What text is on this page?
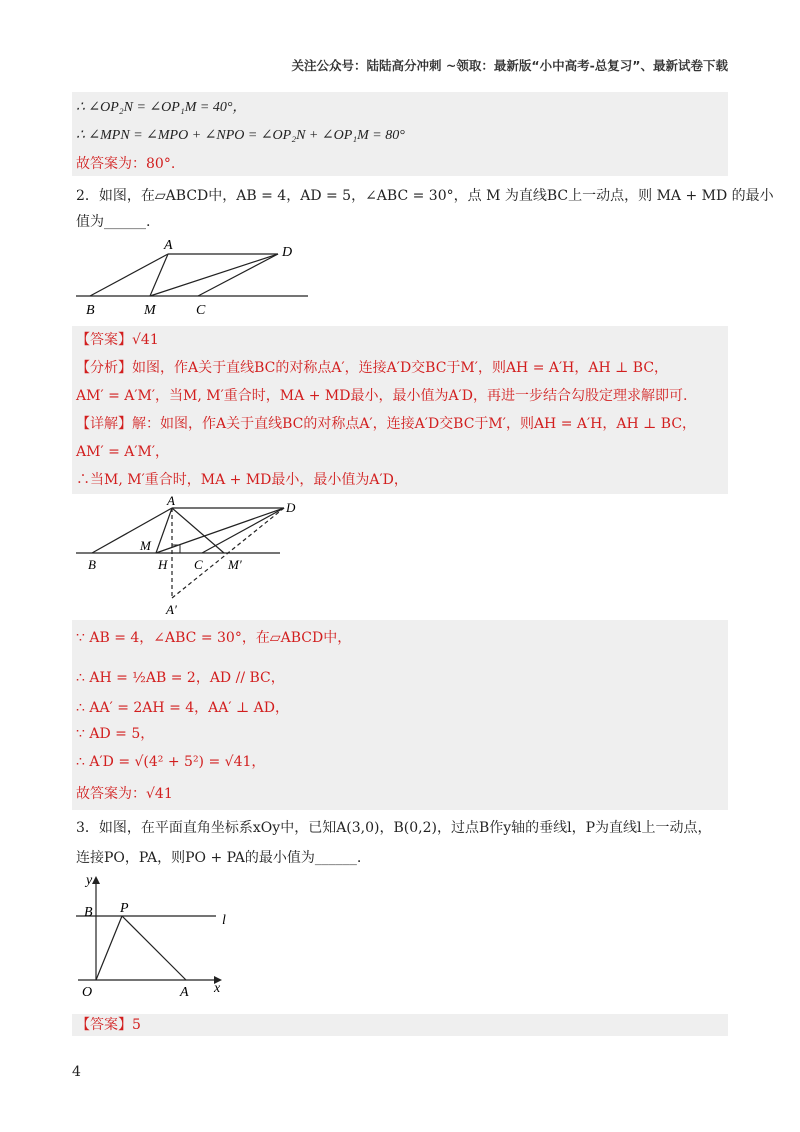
关注公众号：陆陆高分冲刺 ~领取：最新版“小中高考-总复习”、最新试卷下载
∴ ∠OP₂N = ∠OP₁M = 40°，
∴ ∠MPN = ∠MPO + ∠NPO = ∠OP₂N + ∠OP₁M = 80°
故答案为：80°.
2．如图，在▱ABCD中，AB = 4，AD = 5，∠ABC = 30°，点 M 为直线BC上一动点，则 MA + MD 的最小
值为______.
A	D
B	M	C
【答案】√41
【分析】如图，作A关于直线BC的对称点A′，连接A′D交BC于M′，则AH = A′H，AH ⊥ BC，
AM′ = A′M′，当M, M′重合时，MA + MD最小，最小值为A′D，再进一步结合勾股定理求解即可.
【详解】解：如图，作A关于直线BC的对称点A′，连接A′D交BC于M′，则AH = A′H，AH ⊥ BC，
AM′ = A′M′，
∴当M, M′重合时，MA + MD最小，最小值为A′D，
A	D
M
B	H C M′
A′
∵ AB = 4，∠ABC = 30°，在▱ABCD中，
∴ AH = ½AB = 2，AD // BC，
∴ AA′ = 2AH = 4，AA′ ⊥ AD，
∵ AD = 5，
∴ A′D = √(4² + 5²) = √41，
故答案为：√41
3．如图，在平面直角坐标系xOy中，已知A(3,0)，B(0,2)，过点B作y轴的垂线l，P为直线l上一动点，
连接PO，PA，则PO + PA的最小值为______.
y
B P
l
O	A x
【答案】5
4
